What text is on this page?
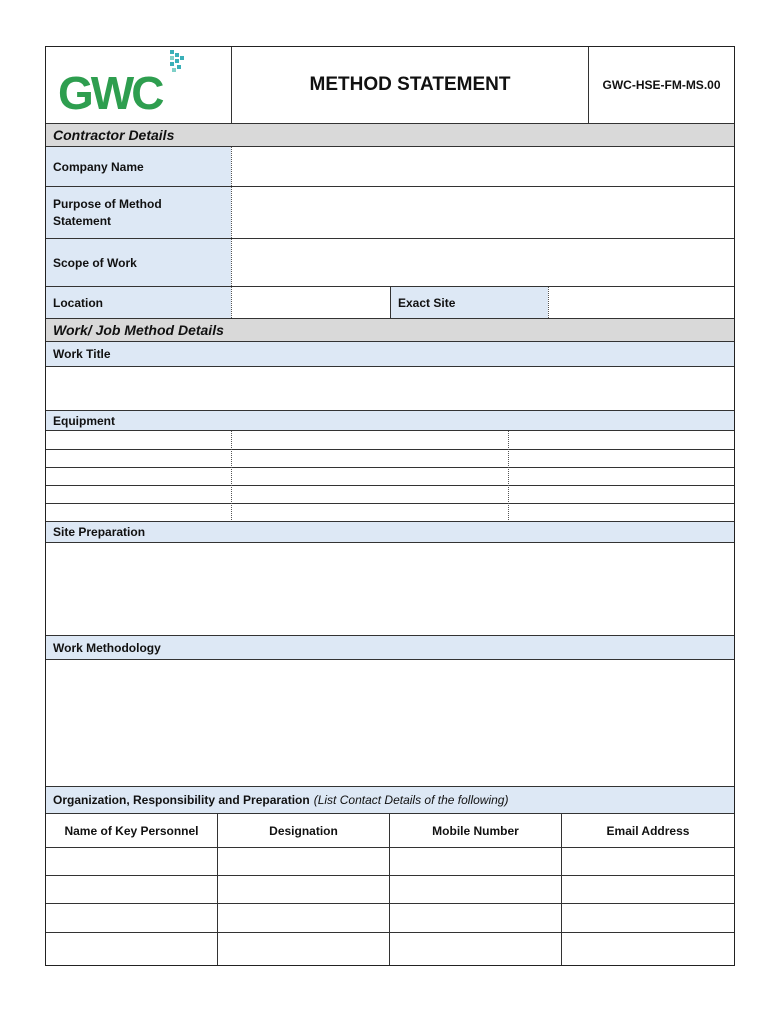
GWC	METHOD STATEMENT	GWC-HSE-FM-MS.00
Contractor Details
Company Name
Purpose of Method
Statement
Scope of Work
Location	Exact Site
Work/ Job Method Details
Work Title
Equipment
Site Preparation
Work Methodology
Organization, Responsibility and Preparation (List Contact Details of the following)
Name of Key Personnel	Designation	Mobile Number	Email Address
